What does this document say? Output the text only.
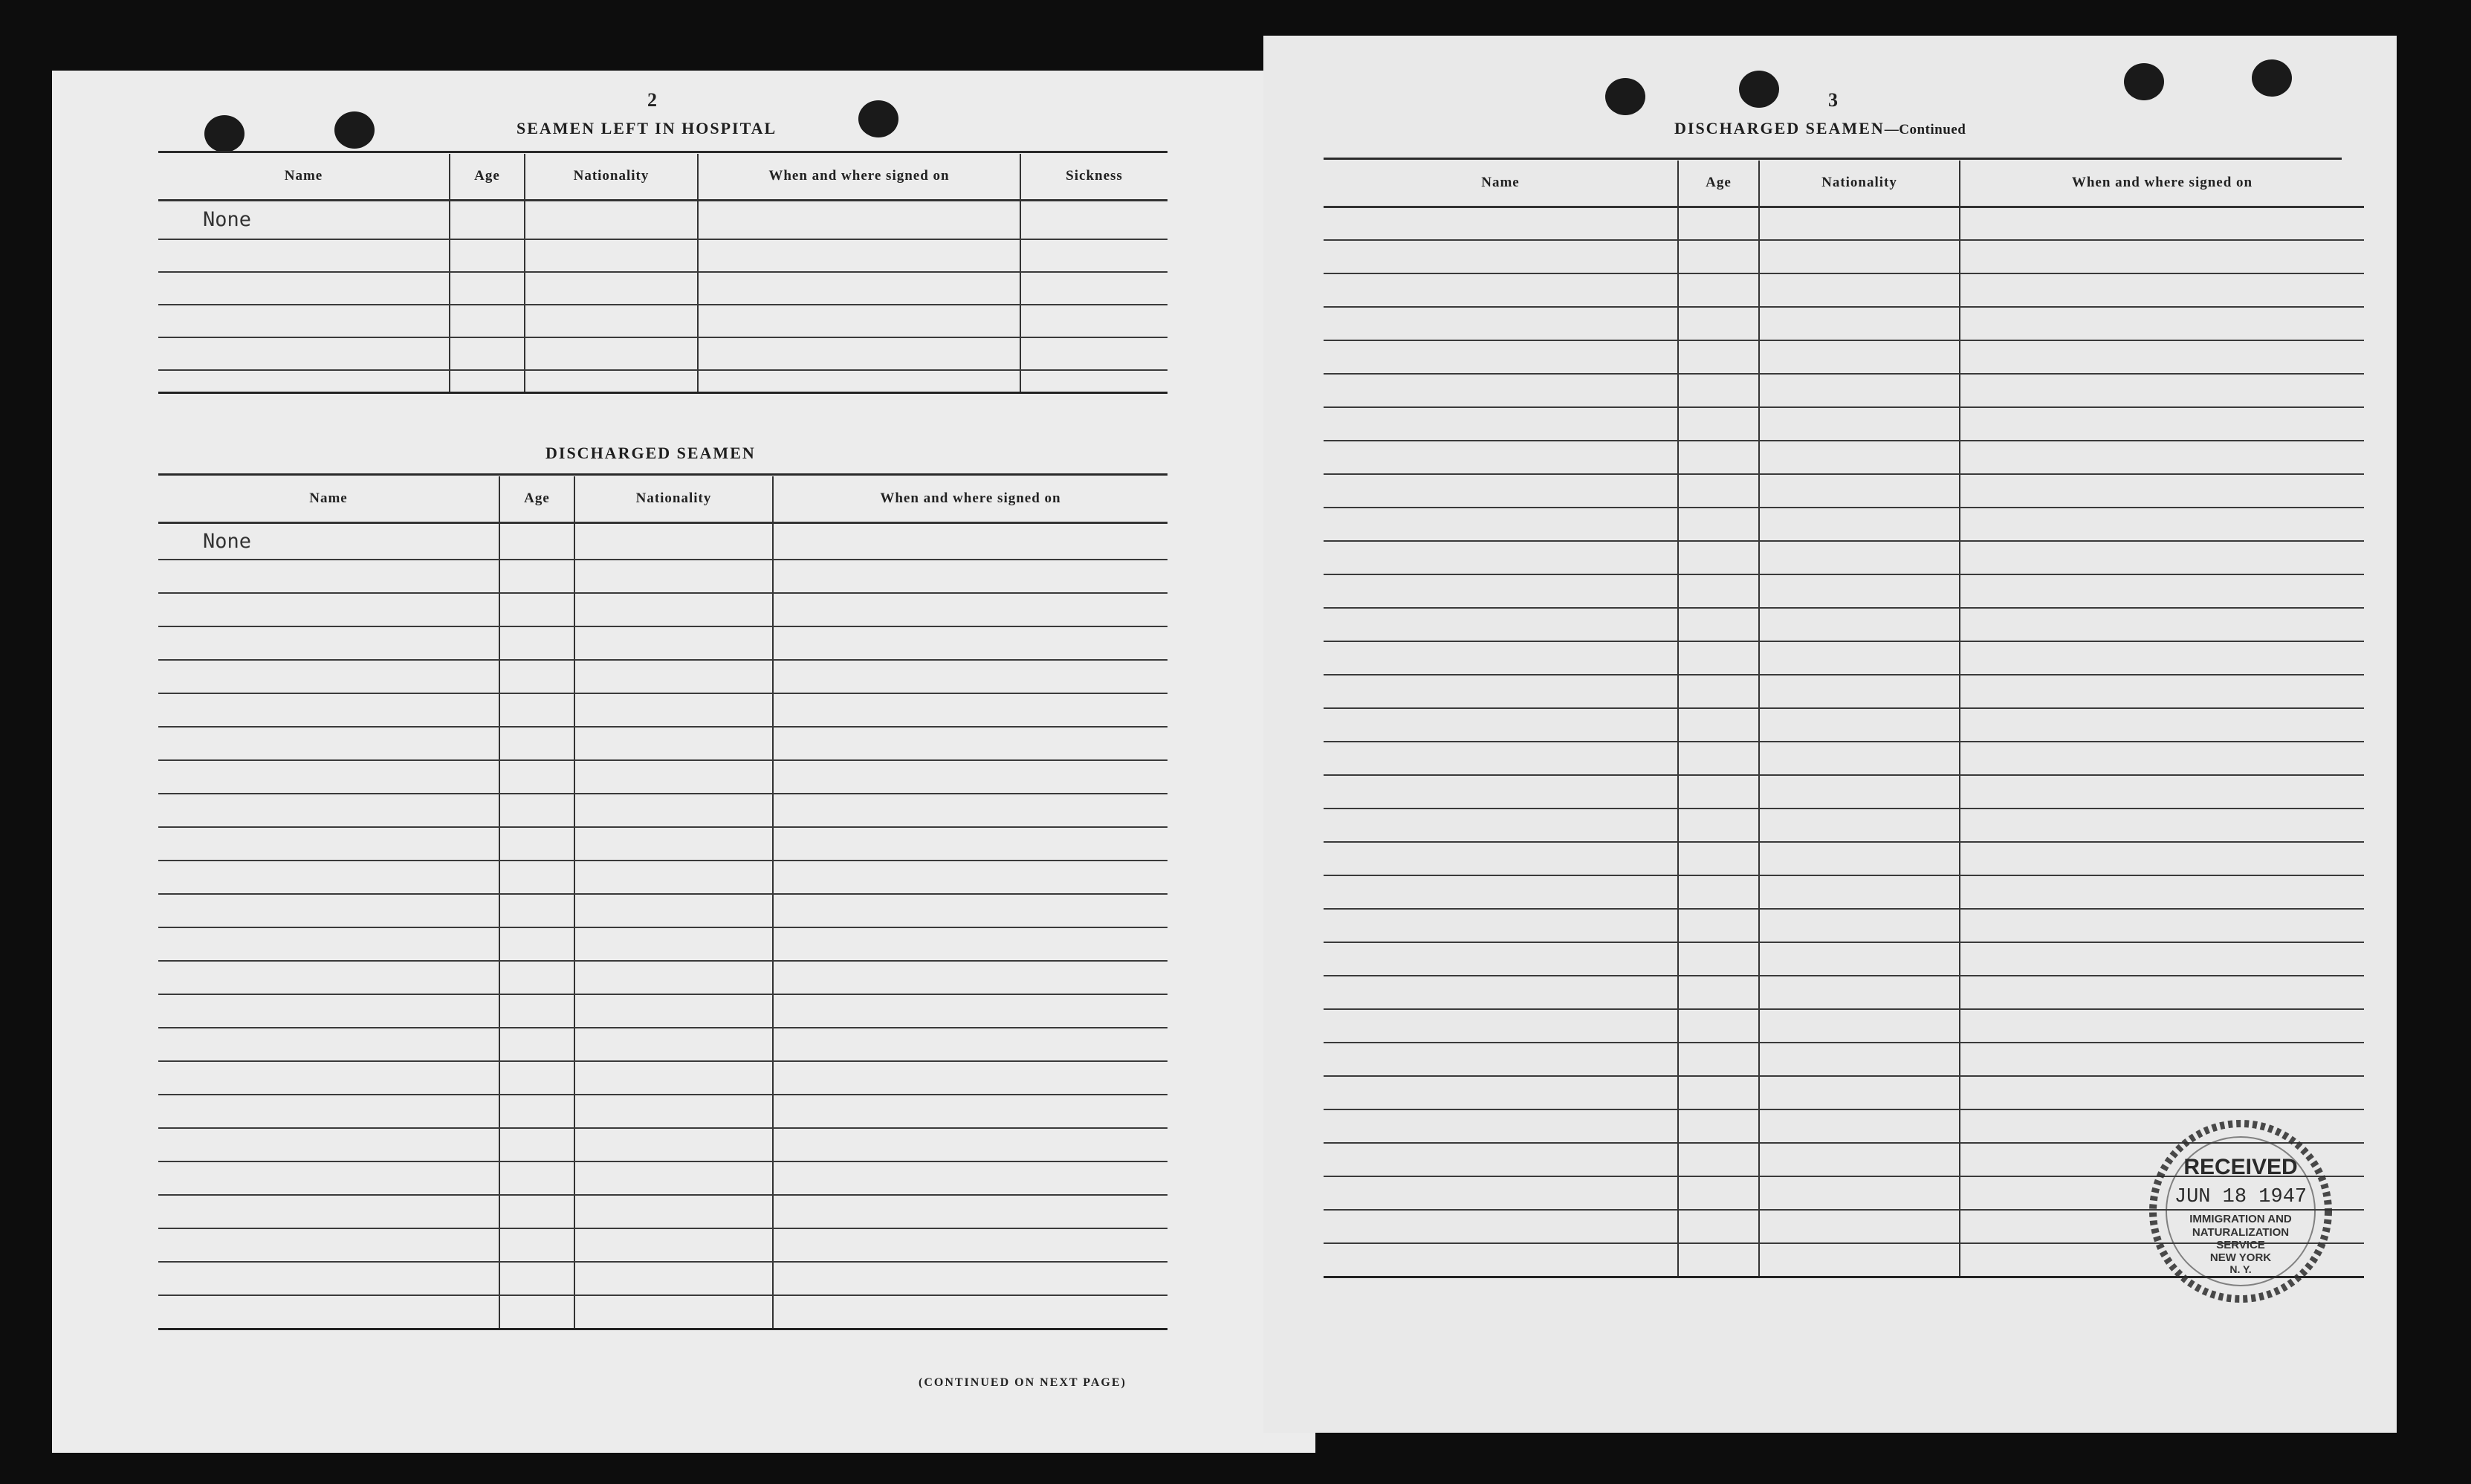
2
SEAMEN LEFT IN HOSPITAL
Name	Age	Nationality	When and where signed on	Sickness
None				

DISCHARGED SEAMEN
Name	Age	Nationality	When and where signed on
None			

(CONTINUED ON NEXT PAGE)
3
DISCHARGED SEAMEN—Continued
Name	Age	Nationality	When and where signed on

RECEIVED
JUN 18 1947
IMMIGRATION AND
NATURALIZATION
SERVICE
NEW YORK
N. Y.
